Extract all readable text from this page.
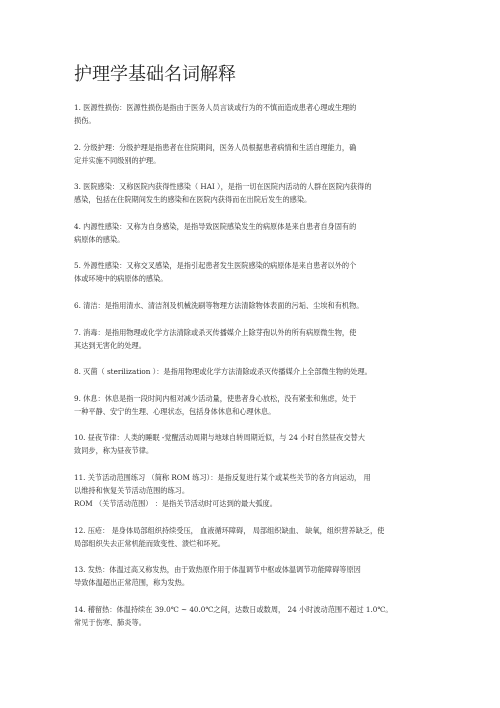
护理学基础名词解释
1. 医源性损伤：医源性损伤是指由于医务人员言谈或行为的不慎而造成患者心理或生理的
损伤。
2. 分级护理：分级护理是指患者在住院期间，医务人员根据患者病情和生活自理能力，确
定并实施不同级别的护理。
3. 医院感染：又称医院内获得性感染（ HAI ），是指一切在医院内活动的人群在医院内获得的
感染，包括在住院期间发生的感染和在医院内获得而在出院后发生的感染。
4. 内源性感染：又称为自身感染，是指导致医院感染发生的病原体是来自患者自身固有的
病原体的感染。
5. 外源性感染：又称交叉感染，是指引起患者发生医院感染的病原体是来自患者以外的个
体或环境中的病原体的感染。
6. 清洁：是指用清水、清洁剂及机械洗刷等物理方法清除物体表面的污垢、尘埃和有机物。
7. 消毒：是指用物理或化学方法清除或杀灭传播媒介上除芽孢以外的所有病原微生物，使
其达到无害化的处理。
8. 灭菌（ sterilization ）：是指用物理或化学方法清除或杀灭传播媒介上全部微生物的处理。
9. 休息：休息是指一段时间内相对减少活动量，使患者身心放松，没有紧张和焦虑，处于
一种平静、安宁的生理、心理状态，包括身体休息和心理休息。
10. 昼夜节律：人类的睡眠 -觉醒活动周期与地球自转周期近似，与 24 小时自然昼夜交替大
致同步，称为昼夜节律。
11. 关节活动范围练习 （简称 ROM 练习）：是指反复进行某个或某些关节的各方向运动， 用
以维持和恢复关节活动范围的练习。
ROM （关节活动范围） ：是指关节活动时可达到的最大弧度。
12. 压疮： 是身体局部组织持续受压， 血液循环障碍， 局部组织缺血、 缺氧，组织营养缺乏，使
局部组织失去正常机能而致变性、溃烂和坏死。
13. 发热：体温过高又称发热，由于致热原作用于体温调节中枢或体温调节功能障碍等原因
导致体温超出正常范围，称为发热。
14. 稽留热：体温持续在 39.0℃ ~ 40.0℃之间，达数日或数周， 24 小时波动范围不超过 1.0℃。
常见于伤寒、肺炎等。
